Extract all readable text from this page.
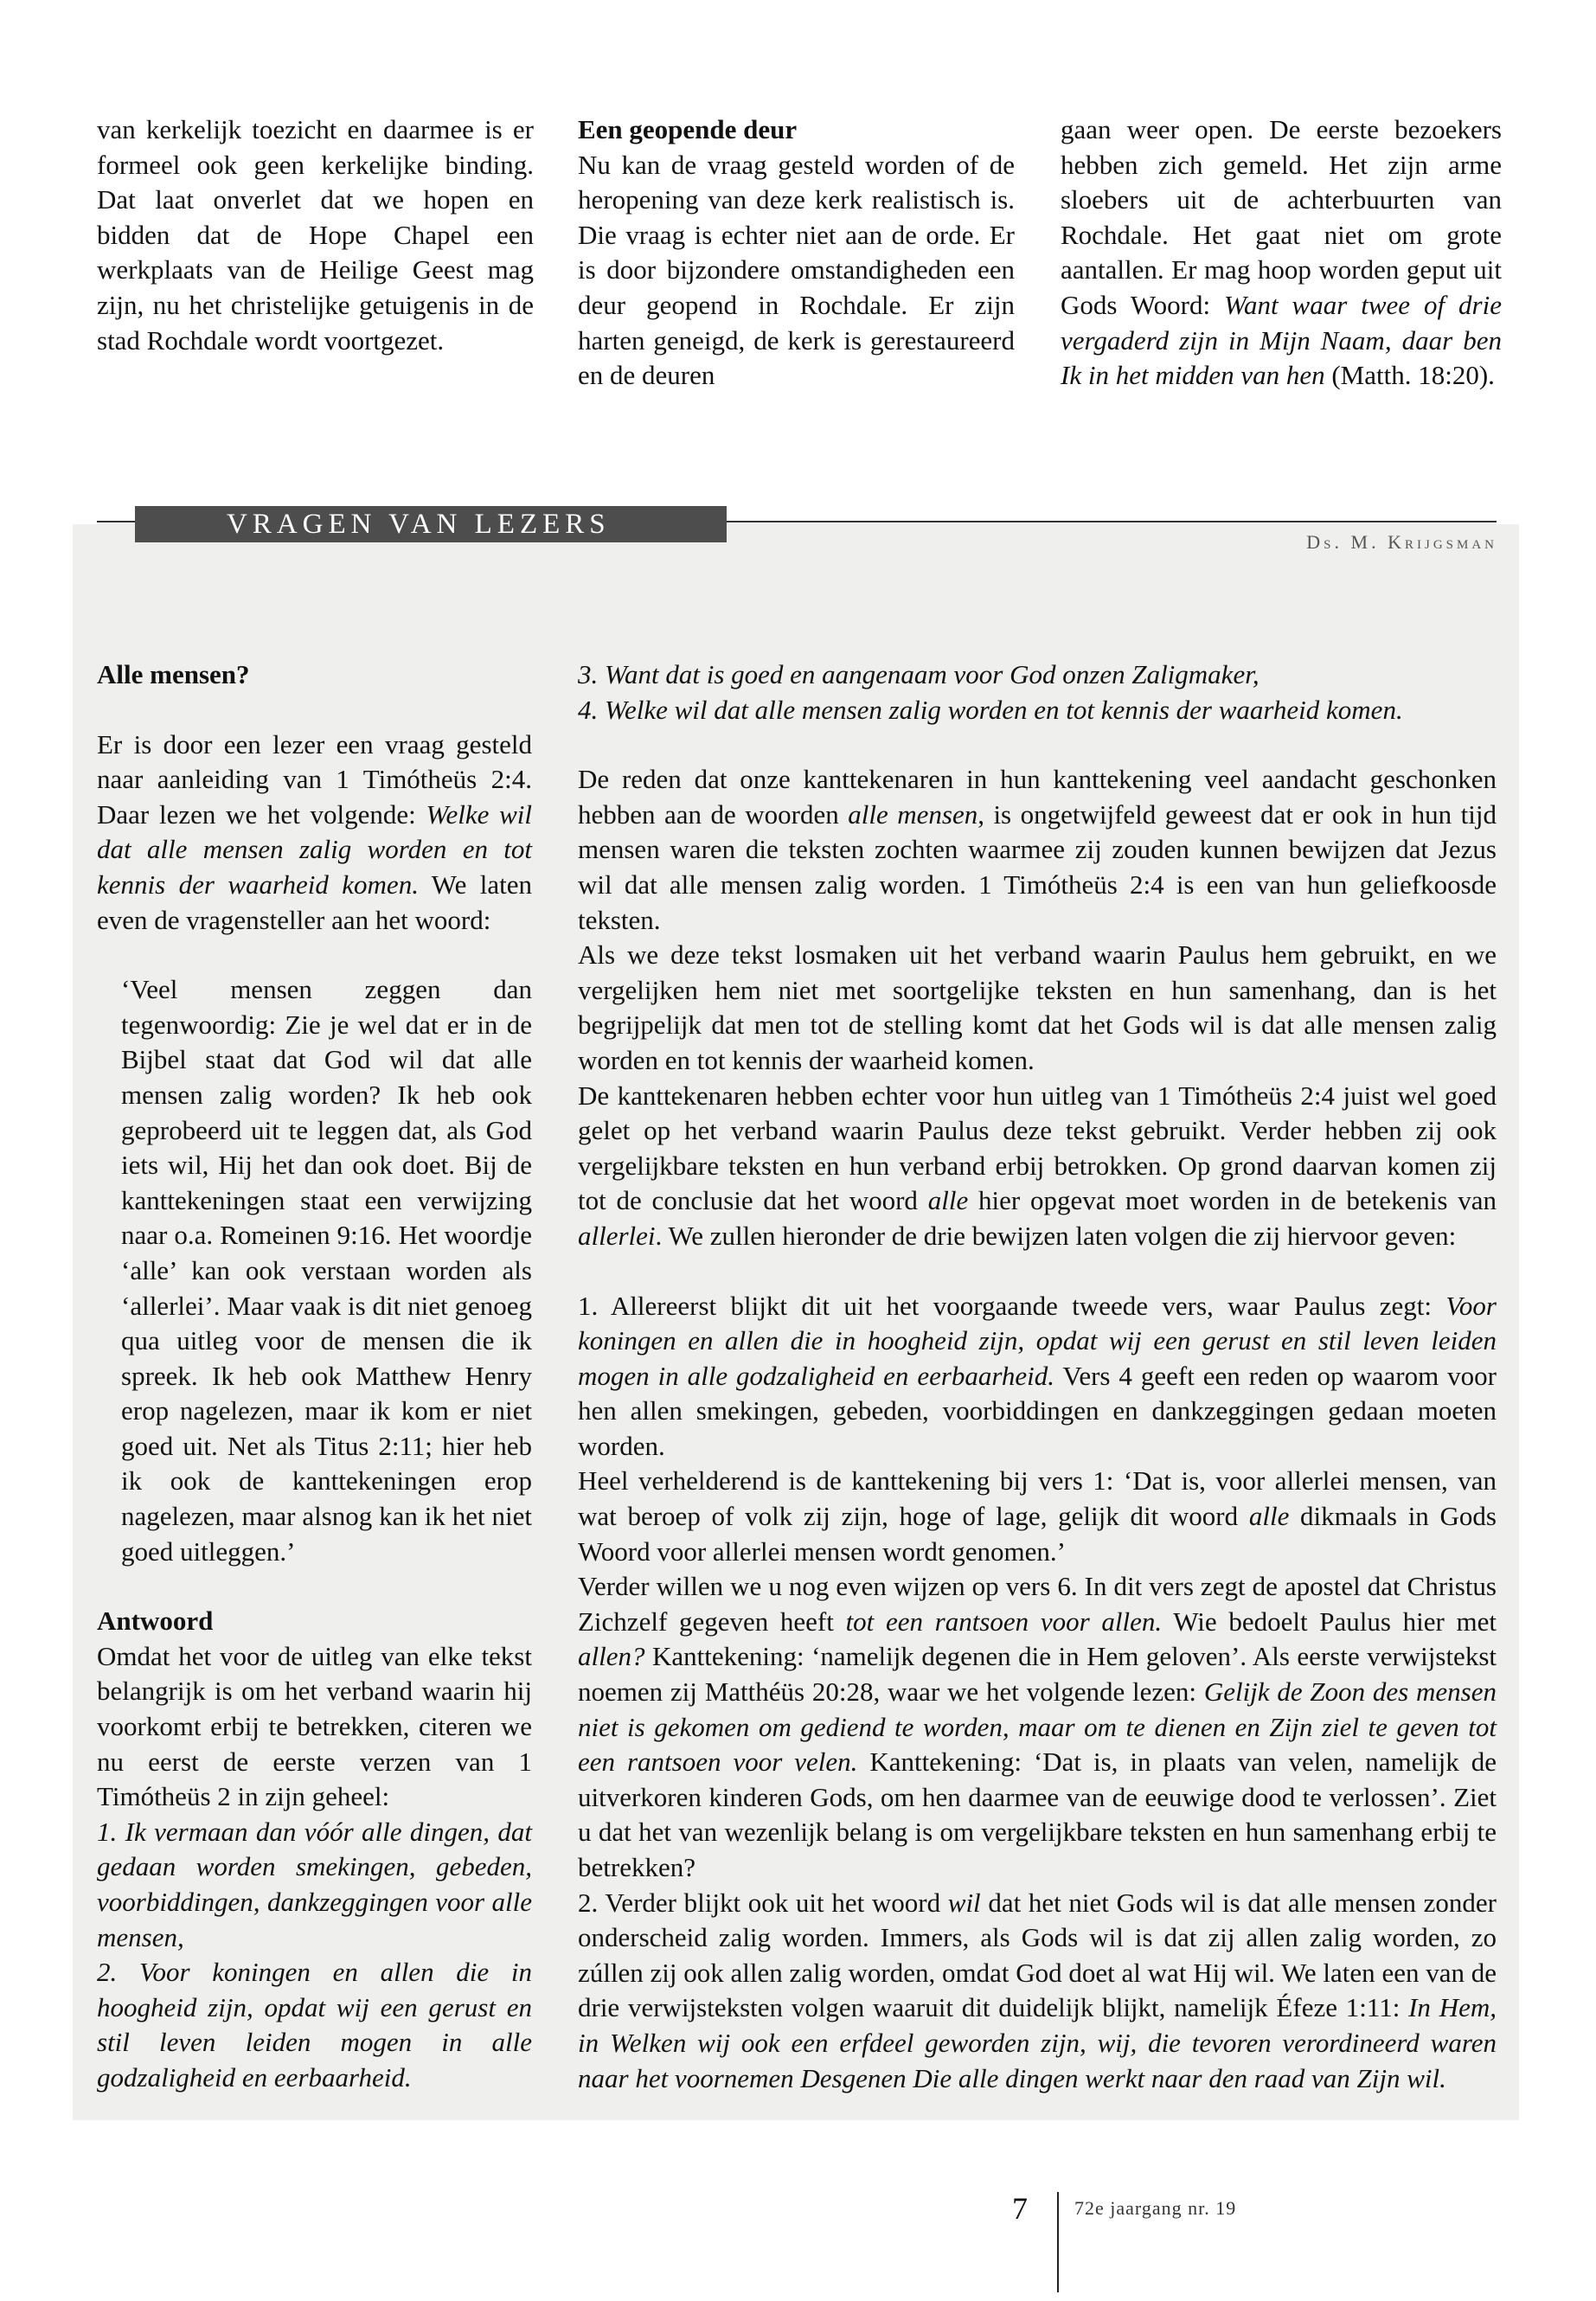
van kerkelijk toezicht en daarmee is er formeel ook geen kerkelijke binding. Dat laat onverlet dat we hopen en bidden dat de Hope Chapel een werkplaats van de Heilige Geest mag zijn, nu het christelijke getuigenis in de stad Rochdale wordt voortgezet.

Een geopende deur

Nu kan de vraag gesteld worden of de heropening van deze kerk realistisch is. Die vraag is echter niet aan de orde. Er is door bijzondere omstandigheden een deur geopend in Rochdale. Er zijn harten geneigd, de kerk is gerestaureerd en de deuren

gaan weer open. De eerste bezoekers hebben zich gemeld. Het zijn arme sloebers uit de achterbuurten van Rochdale. Het gaat niet om grote aantallen. Er mag hoop worden geput uit Gods Woord: Want waar twee of drie vergaderd zijn in Mijn Naam, daar ben Ik in het midden van hen (Matth. 18:20).

VRAGEN VAN LEZERS
Ds. M. Krijgsman

Alle mensen?

Er is door een lezer een vraag gesteld naar aanleiding van 1 Timótheüs 2:4. Daar lezen we het volgende: Welke wil dat alle mensen zalig worden en tot kennis der waarheid komen. We laten even de vragensteller aan het woord:

‘Veel mensen zeggen dan tegenwoordig: Zie je wel dat er in de Bijbel staat dat God wil dat alle mensen zalig worden? Ik heb ook geprobeerd uit te leggen dat, als God iets wil, Hij het dan ook doet. Bij de kanttekeningen staat een verwijzing naar o.a. Romeinen 9:16. Het woordje ‘alle’ kan ook verstaan worden als ‘allerlei’. Maar vaak is dit niet genoeg qua uitleg voor de mensen die ik spreek. Ik heb ook Matthew Henry erop nagelezen, maar ik kom er niet goed uit. Net als Titus 2:11; hier heb ik ook de kanttekeningen erop nagelezen, maar alsnog kan ik het niet goed uitleggen.’

Antwoord

Omdat het voor de uitleg van elke tekst belangrijk is om het verband waarin hij voorkomt erbij te betrekken, citeren we nu eerst de eerste verzen van 1 Timótheüs 2 in zijn geheel:

1. Ik vermaan dan vóór alle dingen, dat gedaan worden smekingen, gebeden, voorbiddingen, dankzeggingen voor alle mensen,

2. Voor koningen en allen die in hoogheid zijn, opdat wij een gerust en stil leven leiden mogen in alle godzaligheid en eerbaarheid.

3. Want dat is goed en aangenaam voor God onzen Zaligmaker,

4. Welke wil dat alle mensen zalig worden en tot kennis der waarheid komen.

De reden dat onze kanttekenaren in hun kanttekening veel aandacht geschonken hebben aan de woorden alle mensen, is ongetwijfeld geweest dat er ook in hun tijd mensen waren die teksten zochten waarmee zij zouden kunnen bewijzen dat Jezus wil dat alle mensen zalig worden. 1 Timótheüs 2:4 is een van hun geliefkoosde teksten.

Als we deze tekst losmaken uit het verband waarin Paulus hem gebruikt, en we vergelijken hem niet met soortgelijke teksten en hun samenhang, dan is het begrijpelijk dat men tot de stelling komt dat het Gods wil is dat alle mensen zalig worden en tot kennis der waarheid komen.

De kanttekenaren hebben echter voor hun uitleg van 1 Timótheüs 2:4 juist wel goed gelet op het verband waarin Paulus deze tekst gebruikt. Verder hebben zij ook vergelijkbare teksten en hun verband erbij betrokken. Op grond daarvan komen zij tot de conclusie dat het woord alle hier opgevat moet worden in de betekenis van allerlei. We zullen hieronder de drie bewijzen laten volgen die zij hiervoor geven:

1. Allereerst blijkt dit uit het voorgaande tweede vers, waar Paulus zegt: Voor koningen en allen die in hoogheid zijn, opdat wij een gerust en stil leven leiden mogen in alle godzaligheid en eerbaarheid. Vers 4 geeft een reden op waarom voor hen allen smekingen, gebeden, voorbiddingen en dankzeggingen gedaan moeten worden.

Heel verhelderend is de kanttekening bij vers 1: ‘Dat is, voor allerlei mensen, van wat beroep of volk zij zijn, hoge of lage, gelijk dit woord alle dikmaals in Gods Woord voor allerlei mensen wordt genomen.’

Verder willen we u nog even wijzen op vers 6. In dit vers zegt de apostel dat Christus Zichzelf gegeven heeft tot een rantsoen voor allen. Wie bedoelt Paulus hier met allen? Kanttekening: ‘namelijk degenen die in Hem geloven’. Als eerste verwijstekst noemen zij Matthéüs 20:28, waar we het volgende lezen: Gelijk de Zoon des mensen niet is gekomen om gediend te worden, maar om te dienen en Zijn ziel te geven tot een rantsoen voor velen. Kanttekening: ‘Dat is, in plaats van velen, namelijk de uitverkoren kinderen Gods, om hen daarmee van de eeuwige dood te verlossen’. Ziet u dat het van wezenlijk belang is om vergelijkbare teksten en hun samenhang erbij te betrekken?

2. Verder blijkt ook uit het woord wil dat het niet Gods wil is dat alle mensen zonder onderscheid zalig worden. Immers, als Gods wil is dat zij allen zalig worden, zo zúllen zij ook allen zalig worden, omdat God doet al wat Hij wil. We laten een van de drie verwijsteksten volgen waaruit dit duidelijk blijkt, namelijk Éfeze 1:11: In Hem, in Welken wij ook een erfdeel geworden zijn, wij, die tevoren verordineerd waren naar het voornemen Desgenen Die alle dingen werkt naar den raad van Zijn wil.

7 72e jaargang nr. 19
